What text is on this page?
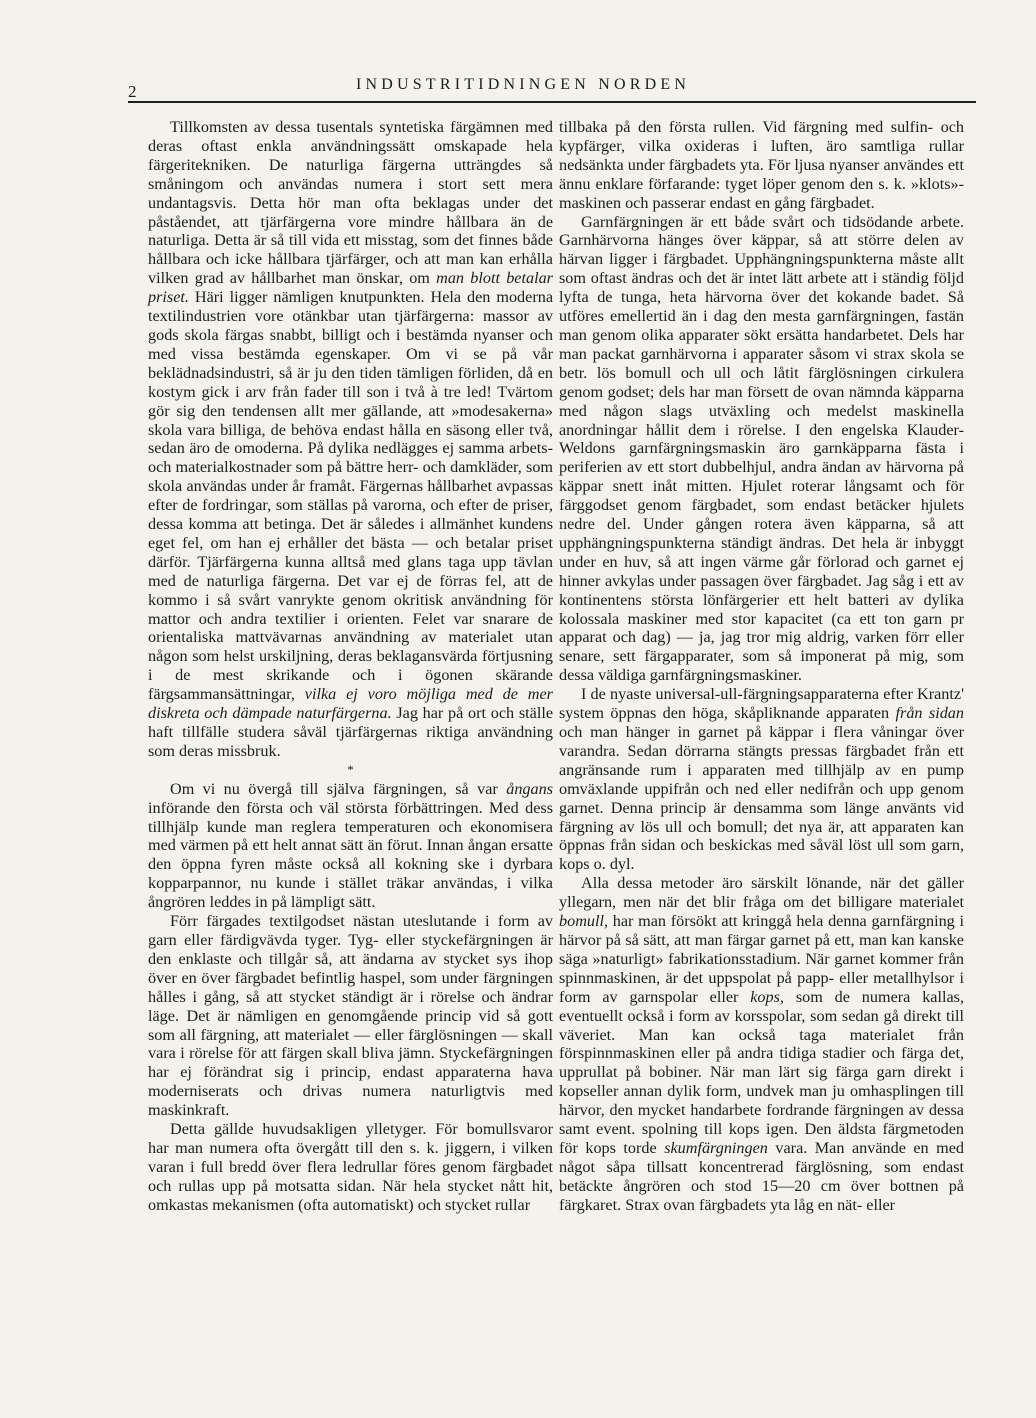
2	INDUSTRITIDNINGEN NORDEN

Tillkomsten av dessa tusentals syntetiska färgämnen med deras oftast enkla användningssätt omskapade hela färgeritekniken. De naturliga färgerna utträngdes så småningom och användas numera i stort sett mera undantagsvis. Detta hör man ofta beklagas under det påståendet, att tjärfärgerna vore mindre hållbara än de naturliga. Detta är så till vida ett misstag, som det finnes både hållbara och icke hållbara tjärfärger, och att man kan erhålla vilken grad av hållbarhet man önskar, om man blott betalar priset. Häri ligger nämligen knutpunkten. Hela den moderna textilindustrien vore otänkbar utan tjärfärgerna: massor av gods skola färgas snabbt, billigt och i bestämda nyanser och med vissa bestämda egenskaper. Om vi se på vår beklädnadsindustri, så är ju den tiden tämligen förliden, då en kostym gick i arv från fader till son i två à tre led! Tvärtom gör sig den tendensen allt mer gällande, att »modesakerna» skola vara billiga, de behöva endast hålla en säsong eller två, sedan äro de omoderna. På dylika nedlägges ej samma arbets- och materialkostnader som på bättre herr- och damkläder, som skola användas under år framåt. Färgernas hållbarhet avpassas efter de fordringar, som ställas på varorna, och efter de priser, dessa komma att betinga. Det är således i allmänhet kundens eget fel, om han ej erhåller det bästa — och betalar priset därför. Tjärfärgerna kunna alltså med glans taga upp tävlan med de naturliga färgerna. Det var ej de förras fel, att de kommo i så svårt vanrykte genom okritisk användning för mattor och andra textilier i orienten. Felet var snarare de orientaliska mattvävarnas användning av materialet utan någon som helst urskiljning, deras beklagansvärda förtjusning i de mest skrikande och i ögonen skärande färgsammansättningar, vilka ej voro möjliga med de mer diskreta och dämpade naturfärgerna. Jag har på ort och ställe haft tillfälle studera såväl tjärfärgernas riktiga användning som deras missbruk.

*

Om vi nu övergå till själva färgningen, så var ångans införande den första och väl största förbättringen. Med dess tillhjälp kunde man reglera temperaturen och ekonomisera med värmen på ett helt annat sätt än förut. Innan ångan ersatte den öppna fyren måste också all kokning ske i dyrbara kopparpannor, nu kunde i stället träkar användas, i vilka ångrören leddes in på lämpligt sätt.

Förr färgades textilgodset nästan uteslutande i form av garn eller färdigvävda tyger. Tyg- eller styckefärgningen är den enklaste och tillgår så, att ändarna av stycket sys ihop över en över färgbadet befintlig haspel, som under färgningen hålles i gång, så att stycket ständigt är i rörelse och ändrar läge. Det är nämligen en genomgående princip vid så gott som all färgning, att materialet — eller färglösningen — skall vara i rörelse för att färgen skall bliva jämn. Styckefärgningen har ej förändrat sig i princip, endast apparaterna hava moderniserats och drivas numera naturligtvis med maskinkraft.

Detta gällde huvudsakligen ylletyger. För bomullsvaror har man numera ofta övergått till den s. k. jiggern, i vilken varan i full bredd över flera ledrullar föres genom färgbadet och rullas upp på motsatta sidan. När hela stycket nått hit, omkastas mekanismen (ofta automatiskt) och stycket rullar

tillbaka på den första rullen. Vid färgning med sulfin- och kypfärger, vilka oxideras i luften, äro samtliga rullar nedsänkta under färgbadets yta. För ljusa nyanser användes ett ännu enklare förfarande: tyget löper genom den s. k. »klots»-maskinen och passerar endast en gång färgbadet.

Garnfärgningen är ett både svårt och tidsödande arbete. Garnhärvorna hänges över käppar, så att större delen av härvan ligger i färgbadet. Upphängningspunkterna måste allt som oftast ändras och det är intet lätt arbete att i ständig följd lyfta de tunga, heta härvorna över det kokande badet. Så utföres emellertid än i dag den mesta garnfärgningen, fastän man genom olika apparater sökt ersätta handarbetet. Dels har man packat garnhärvorna i apparater såsom vi strax skola se betr. lös bomull och ull och låtit färglösningen cirkulera genom godset; dels har man försett de ovan nämnda käpparna med någon slags utväxling och medelst maskinella anordningar hållit dem i rörelse. I den engelska Klauder-Weldons garnfärgningsmaskin äro garnkäpparna fästa i periferien av ett stort dubbelhjul, andra ändan av härvorna på käppar snett inåt mitten. Hjulet roterar långsamt och för färggodset genom färgbadet, som endast betäcker hjulets nedre del. Under gången rotera även käpparna, så att upphängningspunkterna ständigt ändras. Det hela är inbyggt under en huv, så att ingen värme går förlorad och garnet ej hinner avkylas under passagen över färgbadet. Jag såg i ett av kontinentens största lönfärgerier ett helt batteri av dylika kolossala maskiner med stor kapacitet (ca ett ton garn pr apparat och dag) — ja, jag tror mig aldrig, varken förr eller senare, sett färgapparater, som så imponerat på mig, som dessa väldiga garnfärgningsmaskiner.

I de nyaste universal-ull-färgningsapparaterna efter Krantz' system öppnas den höga, skåpliknande apparaten från sidan och man hänger in garnet på käppar i flera våningar över varandra. Sedan dörrarna stängts pressas färgbadet från ett angränsande rum i apparaten med tillhjälp av en pump omväxlande uppifrån och ned eller nedifrån och upp genom garnet. Denna princip är densamma som länge använts vid färgning av lös ull och bomull; det nya är, att apparaten kan öppnas från sidan och beskickas med såväl löst ull som garn, kops o. dyl.

Alla dessa metoder äro särskilt lönande, när det gäller yllegarn, men när det blir fråga om det billigare materialet bomull, har man försökt att kringgå hela denna garnfärgning i härvor på så sätt, att man färgar garnet på ett, man kan kanske säga »naturligt» fabrikationsstadium. När garnet kommer från spinnmaskinen, är det uppspolat på papp- eller metallhylsor i form av garnspolar eller kops, som de numera kallas, eventuellt också i form av korsspolar, som sedan gå direkt till väveriet. Man kan också taga materialet från förspinnmaskinen eller på andra tidiga stadier och färga det, upprullat på bobiner. När man lärt sig färga garn direkt i kopseller annan dylik form, undvek man ju omhasplingen till härvor, den mycket handarbete fordrande färgningen av dessa samt event. spolning till kops igen. Den äldsta färgmetoden för kops torde skumfärgningen vara. Man använde en med något såpa tillsatt koncentrerad färglösning, som endast betäckte ångrören och stod 15—20 cm över bottnen på färgkaret. Strax ovan färgbadets yta låg en nät- eller
